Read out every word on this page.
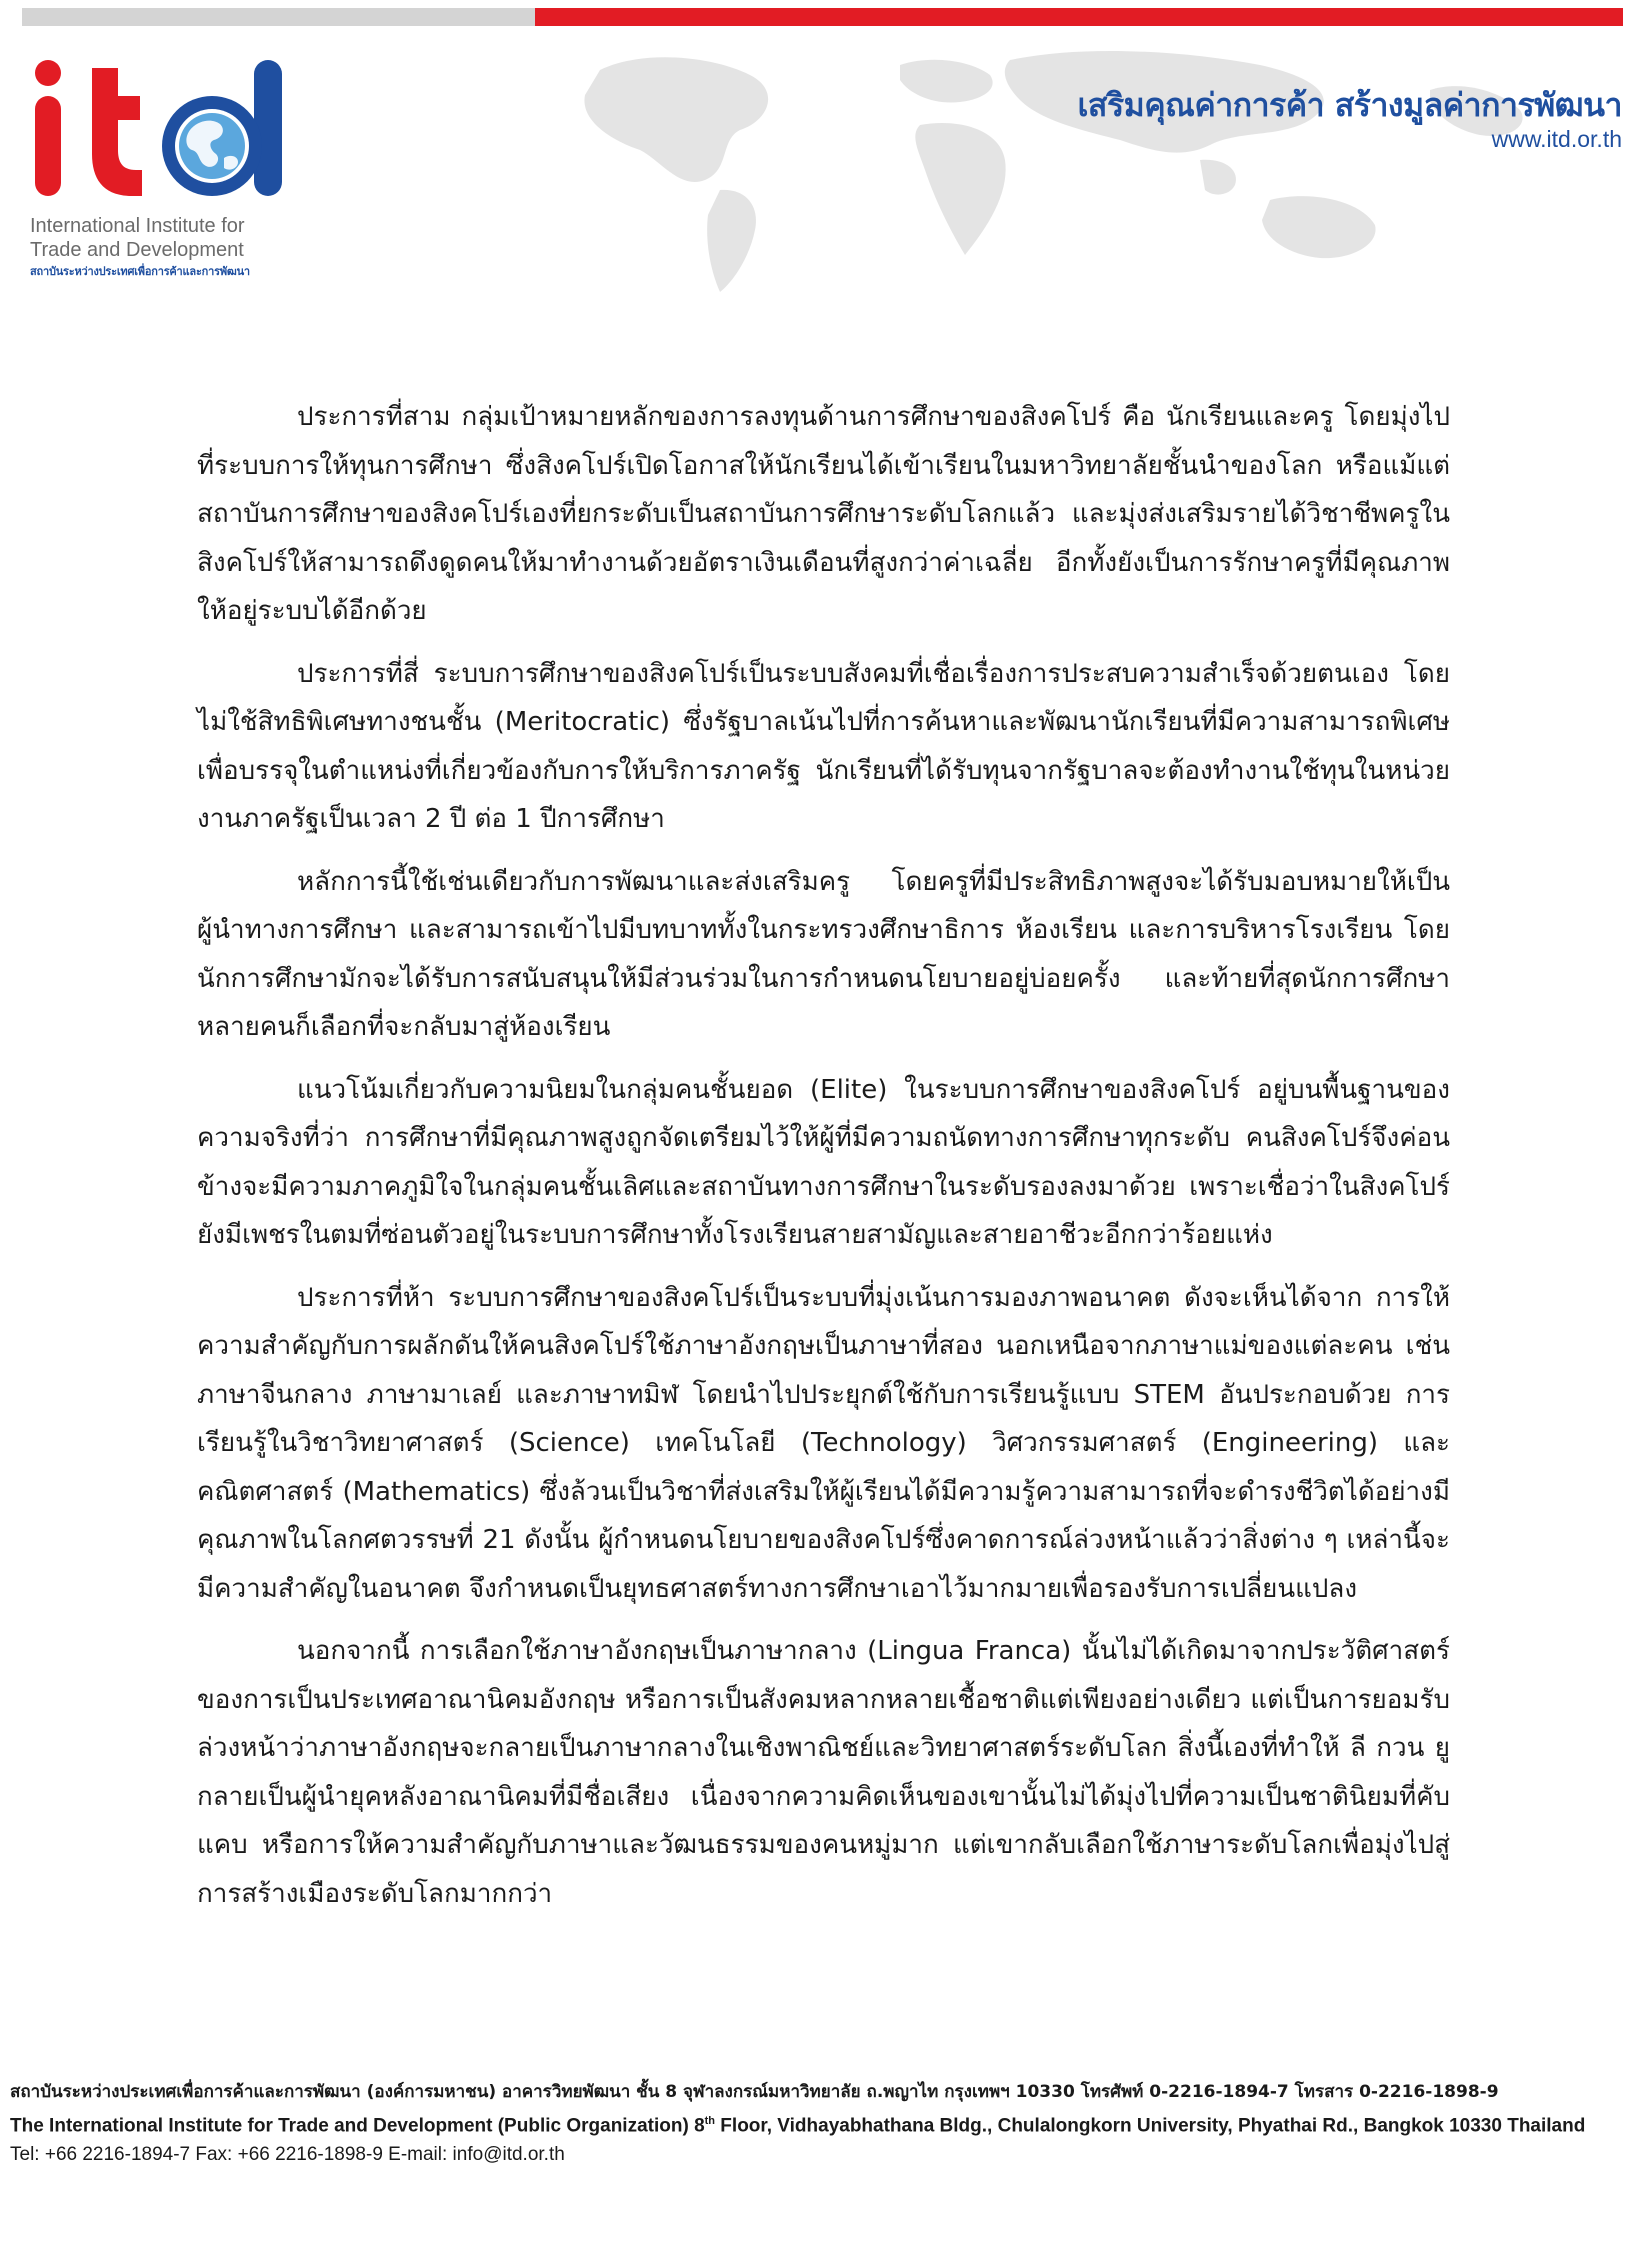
International Institute for
Trade and Development
สถาบันระหว่างประเทศเพื่อการค้าและการพัฒนา
เสริมคุณค่าการค้า สร้างมูลค่าการพัฒนา
www.itd.or.th

ประการที่สาม กลุ่มเป้าหมายหลักของการลงทุนด้านการศึกษาของสิงคโปร์ คือ นักเรียนและครู โดยมุ่งไปที่ระบบการให้ทุนการศึกษา ซึ่งสิงคโปร์เปิดโอกาสให้นักเรียนได้เข้าเรียนในมหาวิทยาลัยชั้นนำของโลก หรือแม้แต่สถาบันการศึกษาของสิงคโปร์เองที่ยกระดับเป็นสถาบันการศึกษาระดับโลกแล้ว และมุ่งส่งเสริมรายได้วิชาชีพครูในสิงคโปร์ให้สามารถดึงดูดคนให้มาทำงานด้วยอัตราเงินเดือนที่สูงกว่าค่าเฉลี่ย อีกทั้งยังเป็นการรักษาครูที่มีคุณภาพให้อยู่ระบบได้อีกด้วย

ประการที่สี่ ระบบการศึกษาของสิงคโปร์เป็นระบบสังคมที่เชื่อเรื่องการประสบความสำเร็จด้วยตนเอง โดยไม่ใช้สิทธิพิเศษทางชนชั้น (Meritocratic) ซึ่งรัฐบาลเน้นไปที่การค้นหาและพัฒนานักเรียนที่มีความสามารถพิเศษเพื่อบรรจุในตำแหน่งที่เกี่ยวข้องกับการให้บริการภาครัฐ นักเรียนที่ได้รับทุนจากรัฐบาลจะต้องทำงานใช้ทุนในหน่วยงานภาครัฐเป็นเวลา 2 ปี ต่อ 1 ปีการศึกษา

หลักการนี้ใช้เช่นเดียวกับการพัฒนาและส่งเสริมครู โดยครูที่มีประสิทธิภาพสูงจะได้รับมอบหมายให้เป็นผู้นำทางการศึกษา และสามารถเข้าไปมีบทบาททั้งในกระทรวงศึกษาธิการ ห้องเรียน และการบริหารโรงเรียน โดยนักการศึกษามักจะได้รับการสนับสนุนให้มีส่วนร่วมในการกำหนดนโยบายอยู่บ่อยครั้ง และท้ายที่สุดนักการศึกษาหลายคนก็เลือกที่จะกลับมาสู่ห้องเรียน

แนวโน้มเกี่ยวกับความนิยมในกลุ่มคนชั้นยอด (Elite) ในระบบการศึกษาของสิงคโปร์ อยู่บนพื้นฐานของความจริงที่ว่า การศึกษาที่มีคุณภาพสูงถูกจัดเตรียมไว้ให้ผู้ที่มีความถนัดทางการศึกษาทุกระดับ คนสิงคโปร์จึงค่อนข้างจะมีความภาคภูมิใจในกลุ่มคนชั้นเลิศและสถาบันทางการศึกษาในระดับรองลงมาด้วย เพราะเชื่อว่าในสิงคโปร์ยังมีเพชรในตมที่ซ่อนตัวอยู่ในระบบการศึกษาทั้งโรงเรียนสายสามัญและสายอาชีวะอีกกว่าร้อยแห่ง

ประการที่ห้า ระบบการศึกษาของสิงคโปร์เป็นระบบที่มุ่งเน้นการมองภาพอนาคต ดังจะเห็นได้จาก การให้ความสำคัญกับการผลักดันให้คนสิงคโปร์ใช้ภาษาอังกฤษเป็นภาษาที่สอง นอกเหนือจากภาษาแม่ของแต่ละคน เช่น ภาษาจีนกลาง ภาษามาเลย์ และภาษาทมิฬ โดยนำไปประยุกต์ใช้กับการเรียนรู้แบบ STEM อันประกอบด้วย การเรียนรู้ในวิชาวิทยาศาสตร์ (Science) เทคโนโลยี (Technology) วิศวกรรมศาสตร์ (Engineering) และคณิตศาสตร์ (Mathematics) ซึ่งล้วนเป็นวิชาที่ส่งเสริมให้ผู้เรียนได้มีความรู้ความสามารถที่จะดำรงชีวิตได้อย่างมีคุณภาพในโลกศตวรรษที่ 21 ดังนั้น ผู้กำหนดนโยบายของสิงคโปร์ซึ่งคาดการณ์ล่วงหน้าแล้วว่าสิ่งต่าง ๆ เหล่านี้จะมีความสำคัญในอนาคต จึงกำหนดเป็นยุทธศาสตร์ทางการศึกษาเอาไว้มากมายเพื่อรองรับการเปลี่ยนแปลง

นอกจากนี้ การเลือกใช้ภาษาอังกฤษเป็นภาษากลาง (Lingua Franca) นั้นไม่ได้เกิดมาจากประวัติศาสตร์ของการเป็นประเทศอาณานิคมอังกฤษ หรือการเป็นสังคมหลากหลายเชื้อชาติแต่เพียงอย่างเดียว แต่เป็นการยอมรับล่วงหน้าว่าภาษาอังกฤษจะกลายเป็นภาษากลางในเชิงพาณิชย์และวิทยาศาสตร์ระดับโลก สิ่งนี้เองที่ทำให้ ลี กวน ยู กลายเป็นผู้นำยุคหลังอาณานิคมที่มีชื่อเสียง เนื่องจากความคิดเห็นของเขานั้นไม่ได้มุ่งไปที่ความเป็นชาตินิยมที่คับแคบ หรือการให้ความสำคัญกับภาษาและวัฒนธรรมของคนหมู่มาก แต่เขากลับเลือกใช้ภาษาระดับโลกเพื่อมุ่งไปสู่การสร้างเมืองระดับโลกมากกว่า

สถาบันระหว่างประเทศเพื่อการค้าและการพัฒนา (องค์การมหาชน) อาคารวิทยพัฒนา ชั้น 8 จุฬาลงกรณ์มหาวิทยาลัย ถ.พญาไท กรุงเทพฯ 10330 โทรศัพท์ 0-2216-1894-7 โทรสาร 0-2216-1898-9
The International Institute for Trade and Development (Public Organization) 8th Floor, Vidhayabhathana Bldg., Chulalongkorn University, Phyathai Rd., Bangkok 10330 Thailand
Tel: +66 2216-1894-7 Fax: +66 2216-1898-9 E-mail: info@itd.or.th
